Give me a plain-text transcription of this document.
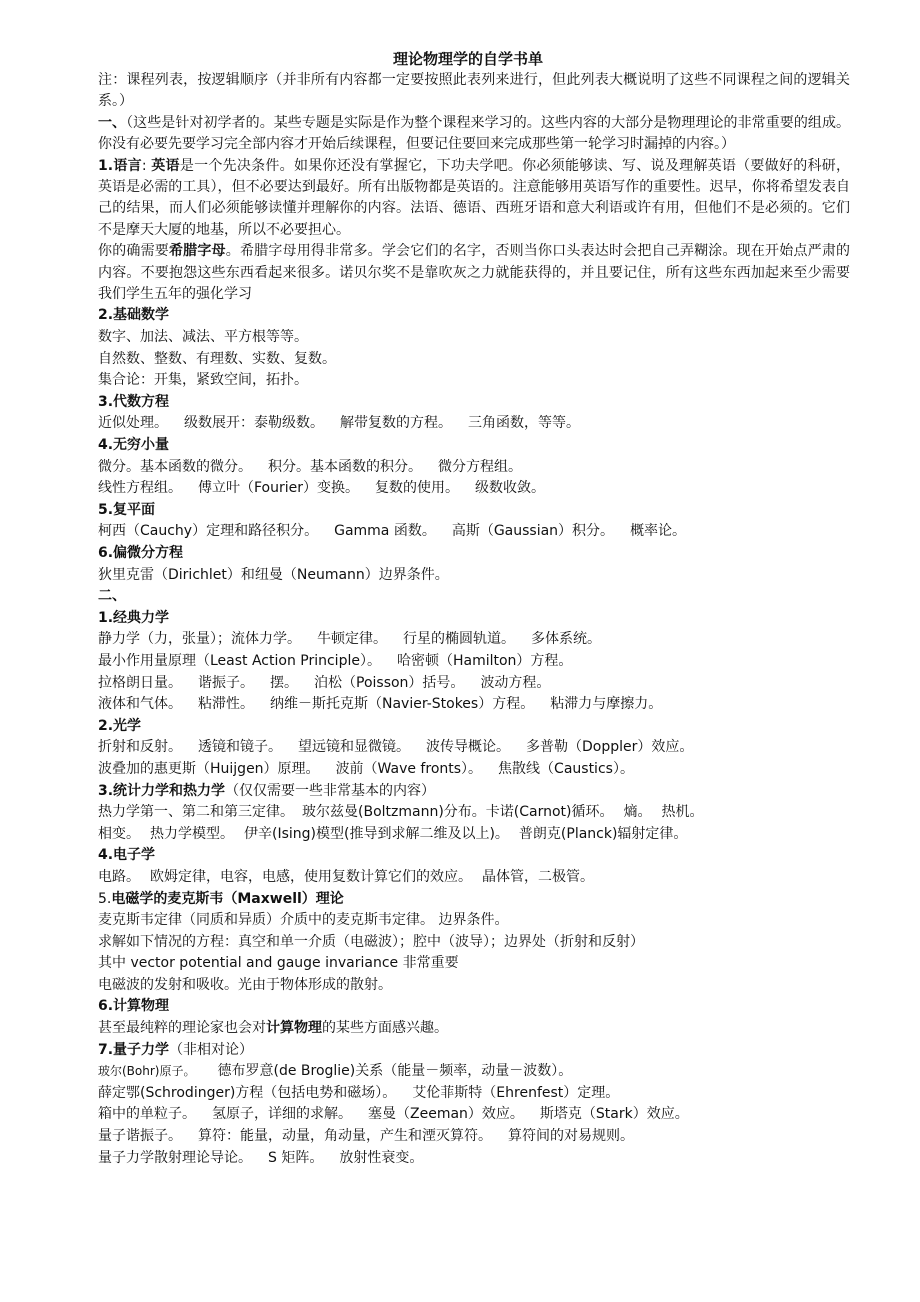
理论物理学的自学书单

注：课程列表，按逻辑顺序（并非所有内容都一定要按照此表列来进行，但此列表大概说明了这些不同课程之间的逻辑关系。）

一、（这些是针对初学者的。某些专题是实际是作为整个课程来学习的。这些内容的大部分是物理理论的非常重要的组成。你没有必要先要学习完全部内容才开始后续课程，但要记住要回来完成那些第一轮学习时漏掉的内容。）

1.语言: 英语是一个先决条件。如果你还没有掌握它，下功夫学吧。你必须能够读、写、说及理解英语（要做好的科研，英语是必需的工具），但不必要达到最好。所有出版物都是英语的。注意能够用英语写作的重要性。迟早，你将希望发表自己的结果，而人们必须能够读懂并理解你的内容。法语、德语、西班牙语和意大利语或许有用，但他们不是必须的。它们不是摩天大厦的地基，所以不必要担心。

你的确需要希腊字母。希腊字母用得非常多。学会它们的名字，否则当你口头表达时会把自己弄糊涂。现在开始点严肃的内容。不要抱怨这些东西看起来很多。诺贝尔奖不是靠吹灰之力就能获得的，并且要记住，所有这些东西加起来至少需要我们学生五年的强化学习

2.基础数学
数字、加法、减法、平方根等等。
自然数、整数、有理数、实数、复数。
集合论：开集，紧致空间，拓扑。
3.代数方程
近似处理。 级数展开：泰勒级数。 解带复数的方程。 三角函数，等等。
4.无穷小量
微分。基本函数的微分。 积分。基本函数的积分。 微分方程组。
线性方程组。 傅立叶（Fourier）变换。 复数的使用。 级数收敛。
5.复平面
柯西（Cauchy）定理和路径积分。 Gamma 函数。 高斯（Gaussian）积分。 概率论。
6.偏微分方程
狄里克雷（Dirichlet）和纽曼（Neumann）边界条件。
二、
1.经典力学
静力学（力，张量）；流体力学。 牛顿定律。 行星的椭圆轨道。 多体系统。
最小作用量原理（Least Action Principle）。 哈密顿（Hamilton）方程。
拉格朗日量。 谐振子。 摆。 泊松（Poisson）括号。 波动方程。
液体和气体。 粘滞性。 纳维－斯托克斯（Navier-Stokes）方程。 粘滞力与摩擦力。
2.光学
折射和反射。 透镜和镜子。 望远镜和显微镜。 波传导概论。 多普勒（Doppler）效应。
波叠加的惠更斯（Huijgen）原理。 波前（Wave fronts）。 焦散线（Caustics）。
3.统计力学和热力学（仅仅需要一些非常基本的内容）
热力学第一、第二和第三定律。 玻尔兹曼(Boltzmann)分布。卡诺(Carnot)循环。 熵。 热机。
相变。 热力学模型。 伊辛(Ising)模型(推导到求解二维及以上)。 普朗克(Planck)辐射定律。
4.电子学
电路。 欧姆定律，电容，电感，使用复数计算它们的效应。 晶体管，二极管。
5.电磁学的麦克斯韦（Maxwell）理论
麦克斯韦定律（同质和异质）介质中的麦克斯韦定律。 边界条件。
求解如下情况的方程：真空和单一介质（电磁波）；腔中（波导）；边界处（折射和反射）
其中 vector potential and gauge invariance 非常重要
电磁波的发射和吸收。光由于物体形成的散射。
6.计算物理
甚至最纯粹的理论家也会对计算物理的某些方面感兴趣。
7.量子力学（非相对论）
玻尔(Bohr)原子。 德布罗意(de Broglie)关系（能量－频率，动量－波数）。
薛定鄂(Schrodinger)方程（包括电势和磁场）。 艾伦菲斯特（Ehrenfest）定理。
箱中的单粒子。 氢原子，详细的求解。 塞曼（Zeeman）效应。 斯塔克（Stark）效应。
量子谐振子。 算符：能量，动量，角动量，产生和湮灭算符。 算符间的对易规则。
量子力学散射理论导论。 S 矩阵。 放射性衰变。
